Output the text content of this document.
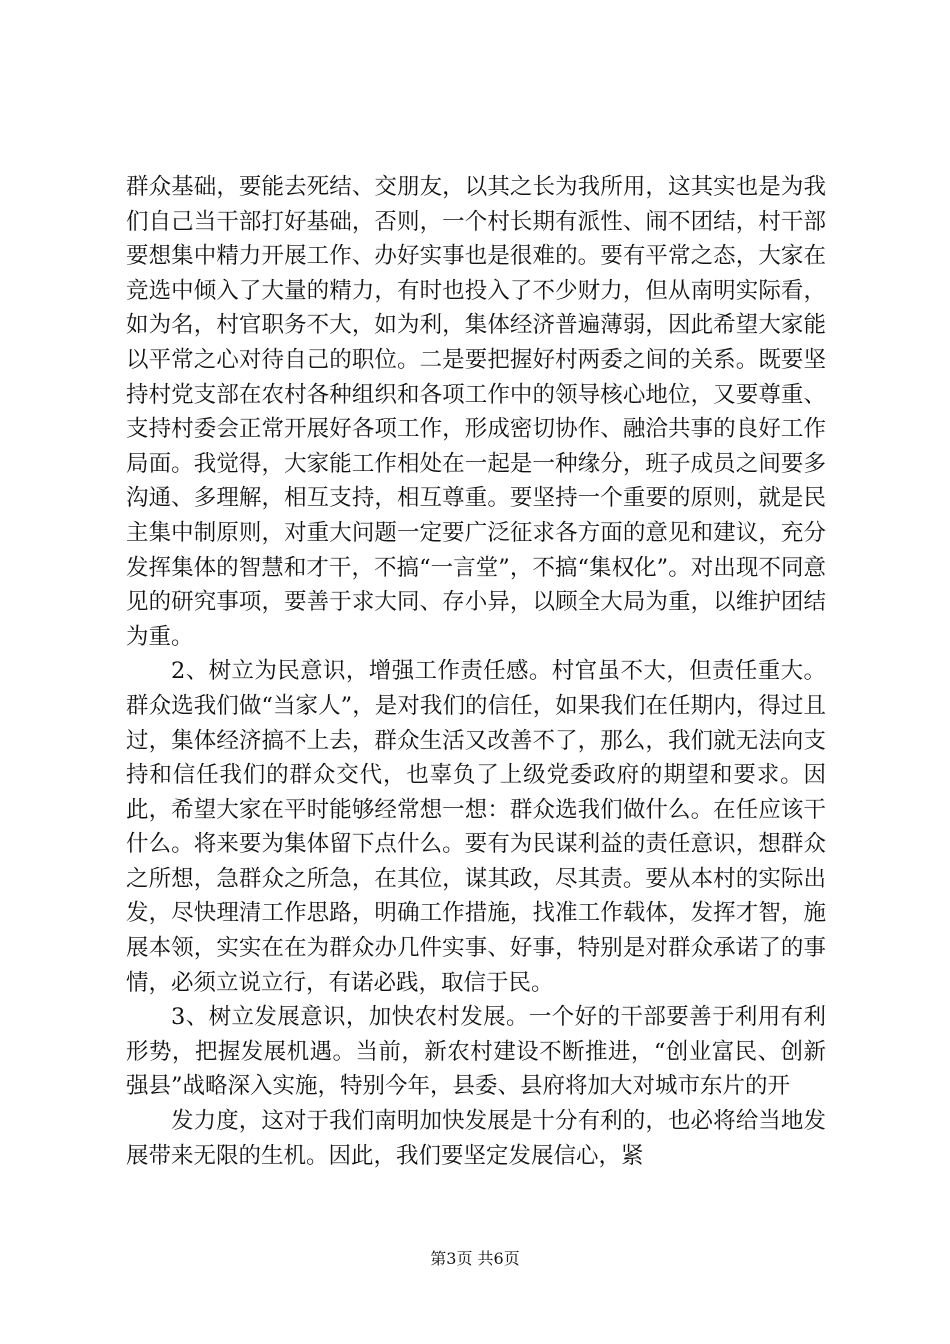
群众基础，要能去死结、交朋友，以其之长为我所用，这其实也是为我们自己当干部打好基础，否则，一个村长期有派性、闹不团结，村干部要想集中精力开展工作、办好实事也是很难的。要有平常之态，大家在竞选中倾入了大量的精力，有时也投入了不少财力，但从南明实际看，如为名，村官职务不大，如为利，集体经济普遍薄弱，因此希望大家能以平常之心对待自己的职位。二是要把握好村两委之间的关系。既要坚持村党支部在农村各种组织和各项工作中的领导核心地位，又要尊重、支持村委会正常开展好各项工作，形成密切协作、融洽共事的良好工作局面。我觉得，大家能工作相处在一起是一种缘分，班子成员之间要多沟通、多理解，相互支持，相互尊重。要坚持一个重要的原则，就是民主集中制原则，对重大问题一定要广泛征求各方面的意见和建议，充分发挥集体的智慧和才干，不搞“一言堂”，不搞“集权化”。对出现不同意见的研究事项，要善于求大同、存小异，以顾全大局为重，以维护团结为重。

2、树立为民意识，增强工作责任感。村官虽不大，但责任重大。群众选我们做“当家人”，是对我们的信任，如果我们在任期内，得过且过，集体经济搞不上去，群众生活又改善不了，那么，我们就无法向支持和信任我们的群众交代，也辜负了上级党委政府的期望和要求。因此，希望大家在平时能够经常想一想：群众选我们做什么。在任应该干什么。将来要为集体留下点什么。要有为民谋利益的责任意识，想群众之所想，急群众之所急，在其位，谋其政，尽其责。要从本村的实际出发，尽快理清工作思路，明确工作措施，找准工作载体，发挥才智，施展本领，实实在在为群众办几件实事、好事，特别是对群众承诺了的事情，必须立说立行，有诺必践，取信于民。

3、树立发展意识，加快农村发展。一个好的干部要善于利用有利形势，把握发展机遇。当前，新农村建设不断推进，“创业富民、创新强县”战略深入实施，特别今年，县委、县府将加大对城市东片的开

发力度，这对于我们南明加快发展是十分有利的，也必将给当地发展带来无限的生机。因此，我们要坚定发展信心，紧

第3页 共6页
